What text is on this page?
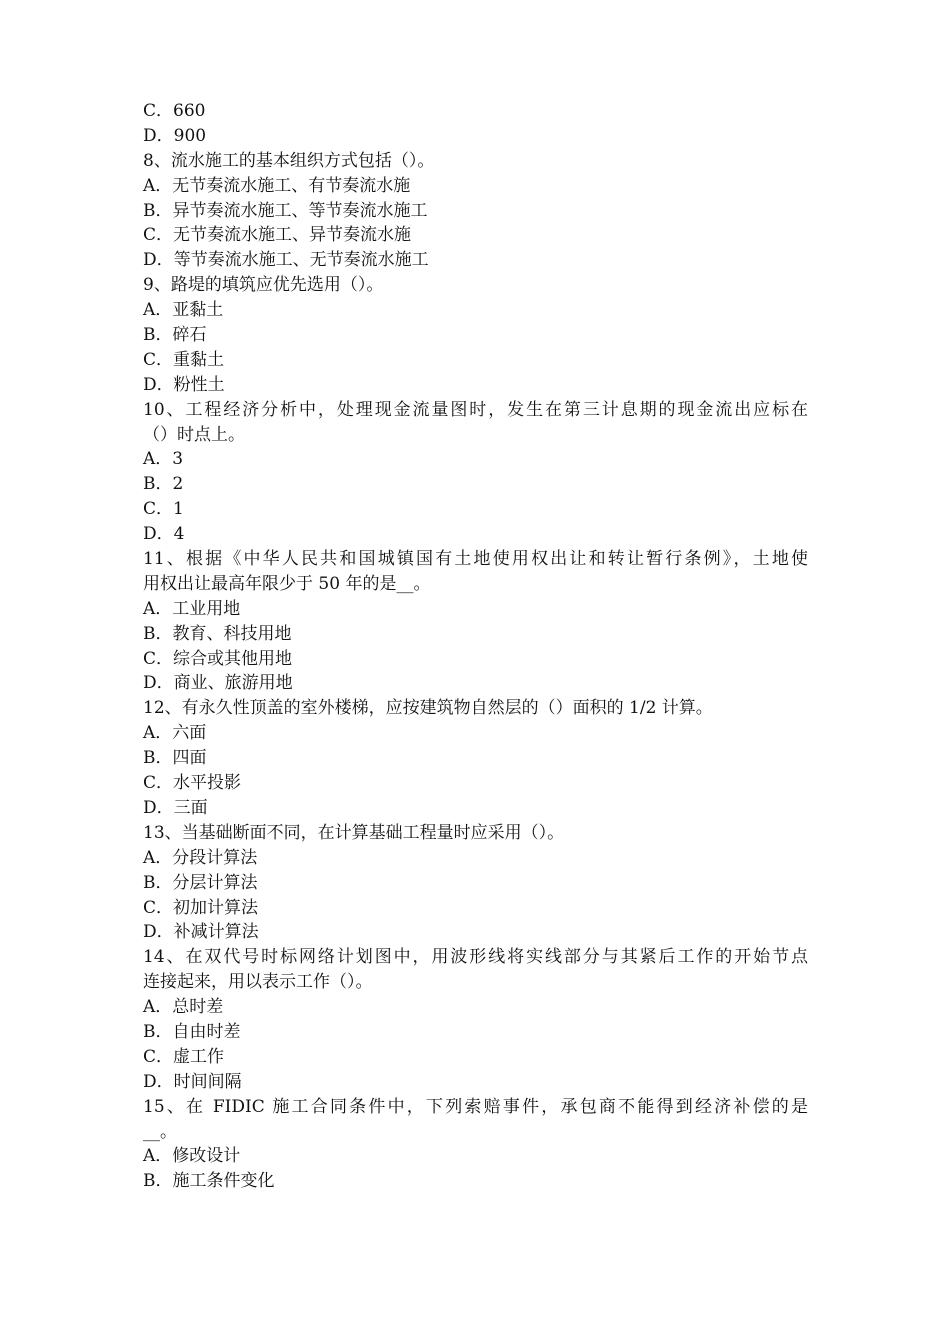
C．660
D．900
8、流水施工的基本组织方式包括（）。
A．无节奏流水施工、有节奏流水施
B．异节奏流水施工、等节奏流水施工
C．无节奏流水施工、异节奏流水施
D．等节奏流水施工、无节奏流水施工
9、路堤的填筑应优先选用（）。
A．亚黏土
B．碎石
C．重黏土
D．粉性土
10、工程经济分析中，处理现金流量图时，发生在第三计息期的现金流出应标在
（）时点上。
A．3
B．2
C．1
D．4
11、根据《中华人民共和国城镇国有土地使用权出让和转让暂行条例》，土地使
用权出让最高年限少于 50 年的是__。
A．工业用地
B．教育、科技用地
C．综合或其他用地
D．商业、旅游用地
12、有永久性顶盖的室外楼梯，应按建筑物自然层的（）面积的 1/2 计算。
A．六面
B．四面
C．水平投影
D．三面
13、当基础断面不同，在计算基础工程量时应采用（）。
A．分段计算法
B．分层计算法
C．初加计算法
D．补减计算法
14、在双代号时标网络计划图中，用波形线将实线部分与其紧后工作的开始节点
连接起来，用以表示工作（）。
A．总时差
B．自由时差
C．虚工作
D．时间间隔
15、在 FIDIC 施工合同条件中，下列索赔事件，承包商不能得到经济补偿的是
__。
A．修改设计
B．施工条件变化
